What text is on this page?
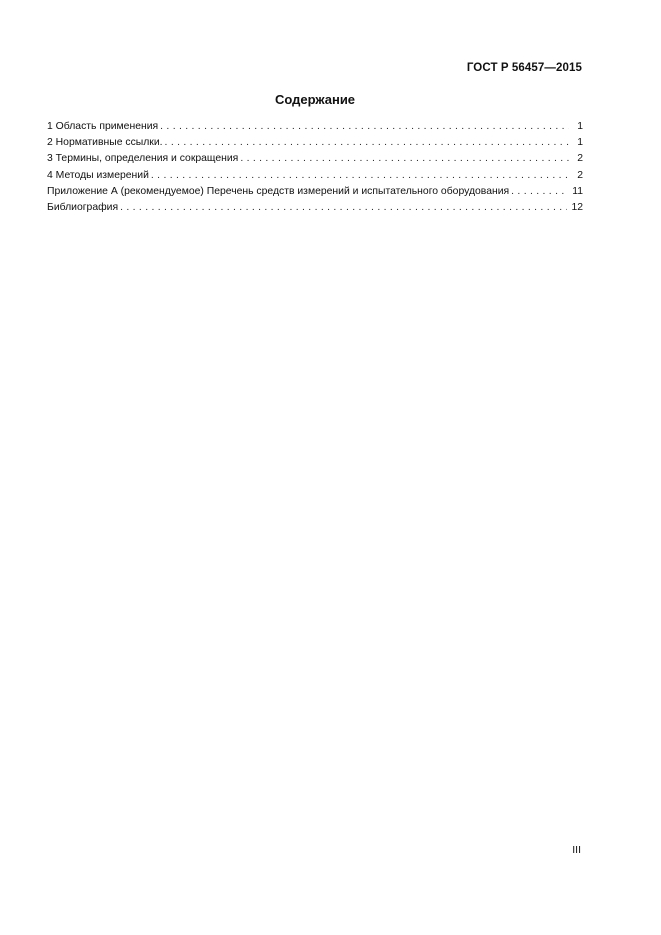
ГОСТ Р 56457—2015
Содержание
1 Область применения . . .	1
2 Нормативные ссылки. . . .	1
3 Термины, определения и сокращения . . .	2
4 Методы измерений . . .	2
Приложение А (рекомендуемое) Перечень средств измерений и испытательного оборудования . . .	11
Библиография . . .	12
III
